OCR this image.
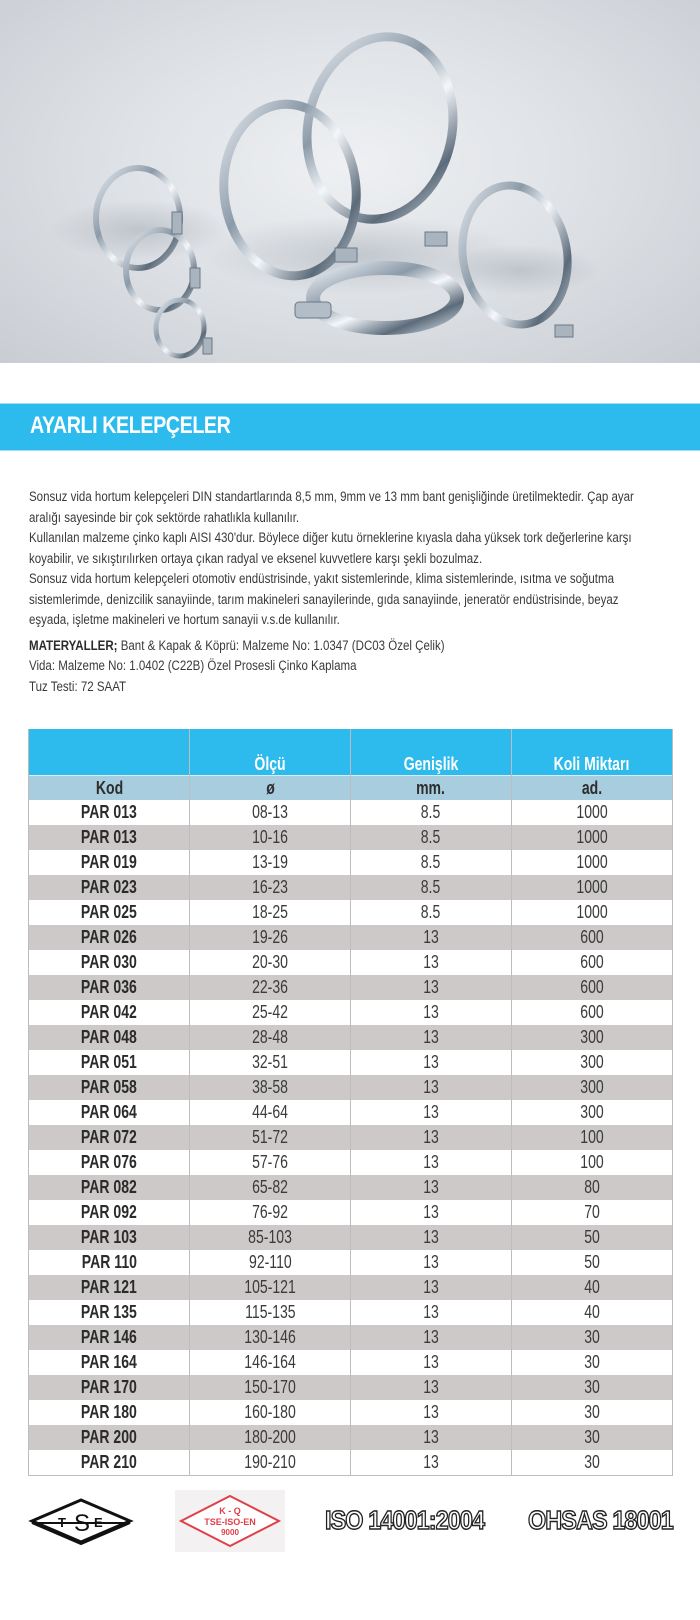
AYARLI KELEPÇELER

Sonsuz vida hortum kelepçeleri DIN standartlarında 8,5 mm, 9mm ve 13 mm bant genişliğinde üretilmektedir. Çap ayar

aralığı sayesinde bir çok sektörde rahatlıkla kullanılır.

Kullanılan malzeme çinko kaplı AISI 430'dur. Böylece diğer kutu örneklerine kıyasla daha yüksek tork değerlerine karşı

koyabilir, ve sıkıştırılırken ortaya çıkan radyal ve eksenel kuvvetlere karşı şekli bozulmaz.

Sonsuz vida hortum kelepçeleri otomotiv endüstrisinde, yakıt sistemlerinde, klima sistemlerinde, ısıtma ve soğutma

sistemlerimde, denizcilik sanayiinde, tarım makineleri sanayilerinde, gıda sanayiinde, jeneratör endüstrisinde, beyaz

eşyada, işletme makineleri ve hortum sanayii v.s.de kullanılır.

MATERYALLER; Bant & Kapak & Köprü: Malzeme No: 1.0347 (DC03 Özel Çelik)

Vida: Malzeme No: 1.0402 (C22B) Özel Prosesli Çinko Kaplama

Tuz Testi: 72 SAAT

	Ölçü	Genişlik	Koli Miktarı
Kod	ø	mm.	ad.
PAR 013	08-13	8.5	1000
PAR 013	10-16	8.5	1000
PAR 019	13-19	8.5	1000
PAR 023	16-23	8.5	1000
PAR 025	18-25	8.5	1000
PAR 026	19-26	13	600
PAR 030	20-30	13	600
PAR 036	22-36	13	600
PAR 042	25-42	13	600
PAR 048	28-48	13	300
PAR 051	32-51	13	300
PAR 058	38-58	13	300
PAR 064	44-64	13	300
PAR 072	51-72	13	100
PAR 076	57-76	13	100
PAR 082	65-82	13	80
PAR 092	76-92	13	70
PAR 103	85-103	13	50
PAR 110	92-110	13	50
PAR 121	105-121	13	40
PAR 135	115-135	13	40
PAR 146	130-146	13	30
PAR 164	146-164	13	30
PAR 170	150-170	13	30
PAR 180	160-180	13	30
PAR 200	180-200	13	30
PAR 210	190-210	13	30
T S E
K - Q
TSE-ISO-EN
9000	ISO 14001:2004 OHSAS 18001
